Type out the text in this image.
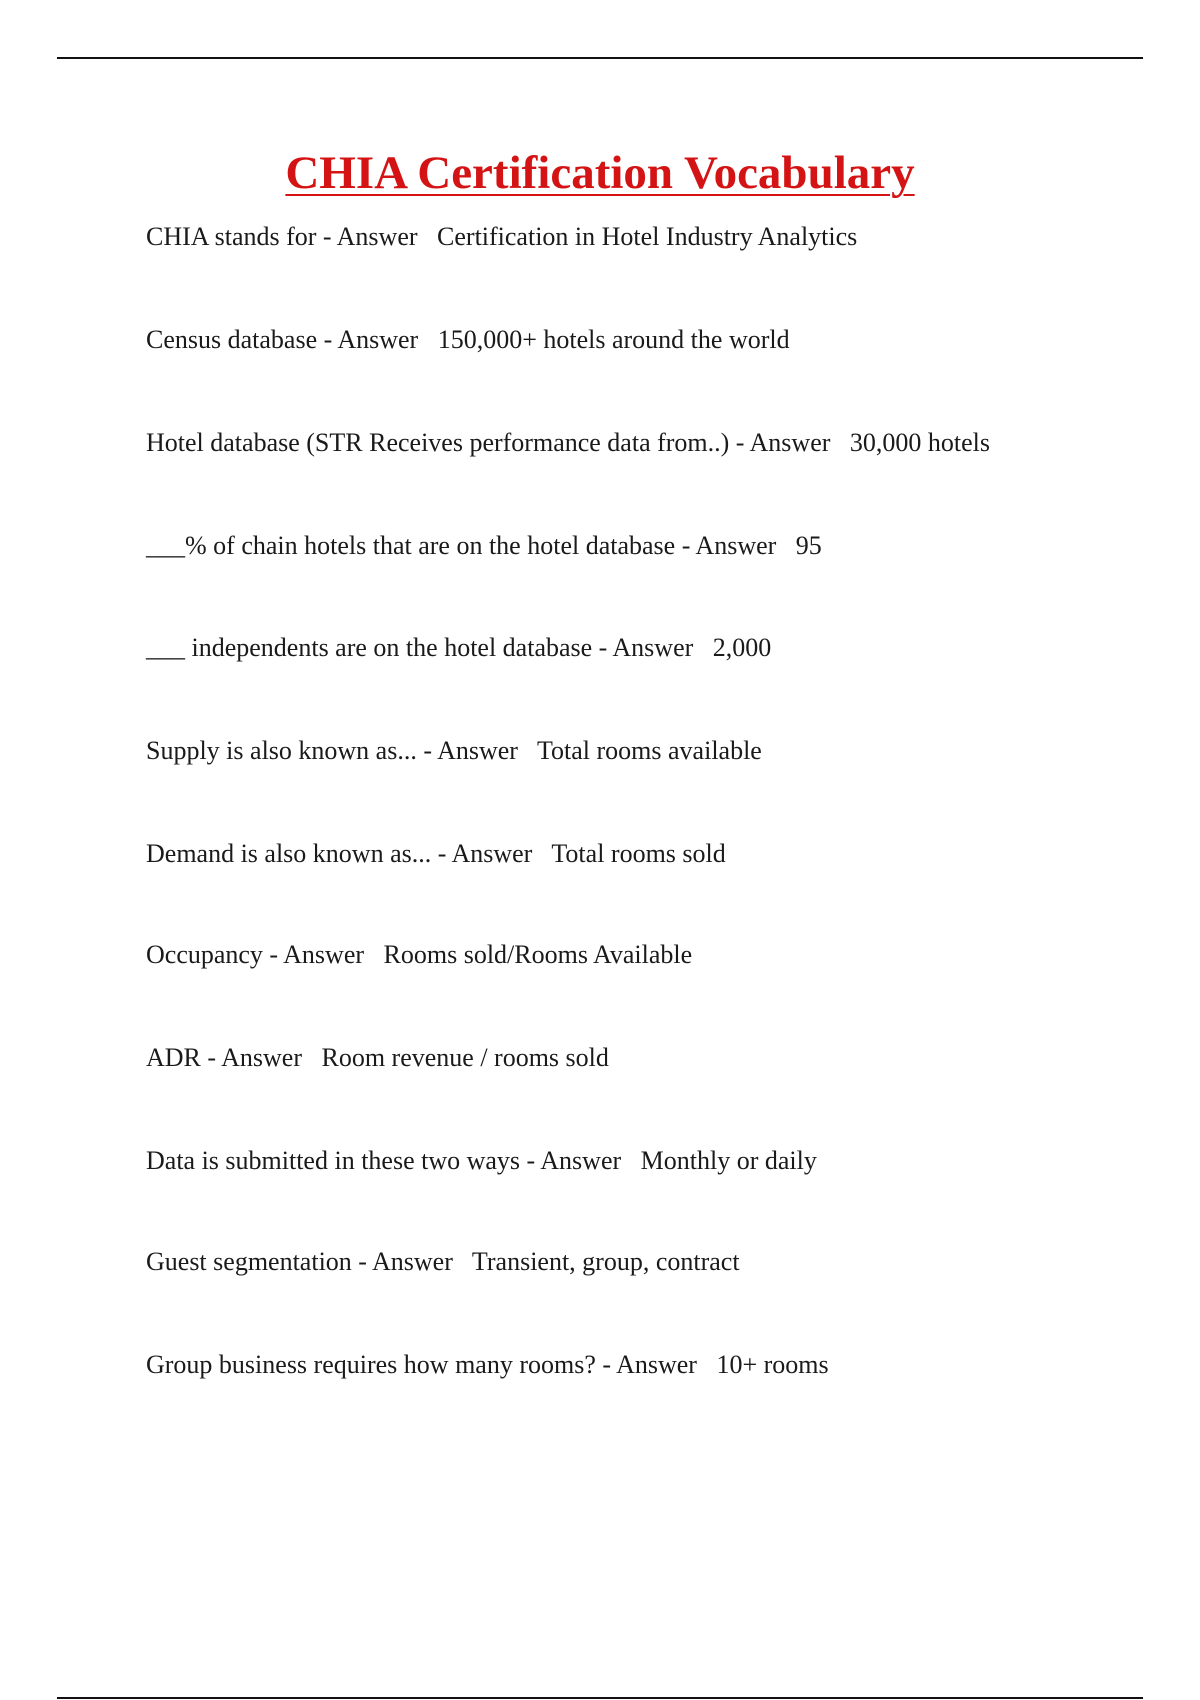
CHIA Certification Vocabulary
CHIA stands for - Answer   Certification in Hotel Industry Analytics
Census database - Answer   150,000+ hotels around the world
Hotel database (STR Receives performance data from..) - Answer   30,000 hotels
___% of chain hotels that are on the hotel database - Answer   95
___ independents are on the hotel database - Answer   2,000
Supply is also known as... - Answer   Total rooms available
Demand is also known as... - Answer   Total rooms sold
Occupancy - Answer   Rooms sold/Rooms Available
ADR - Answer   Room revenue / rooms sold
Data is submitted in these two ways - Answer   Monthly or daily
Guest segmentation - Answer   Transient, group, contract
Group business requires how many rooms? - Answer   10+ rooms
